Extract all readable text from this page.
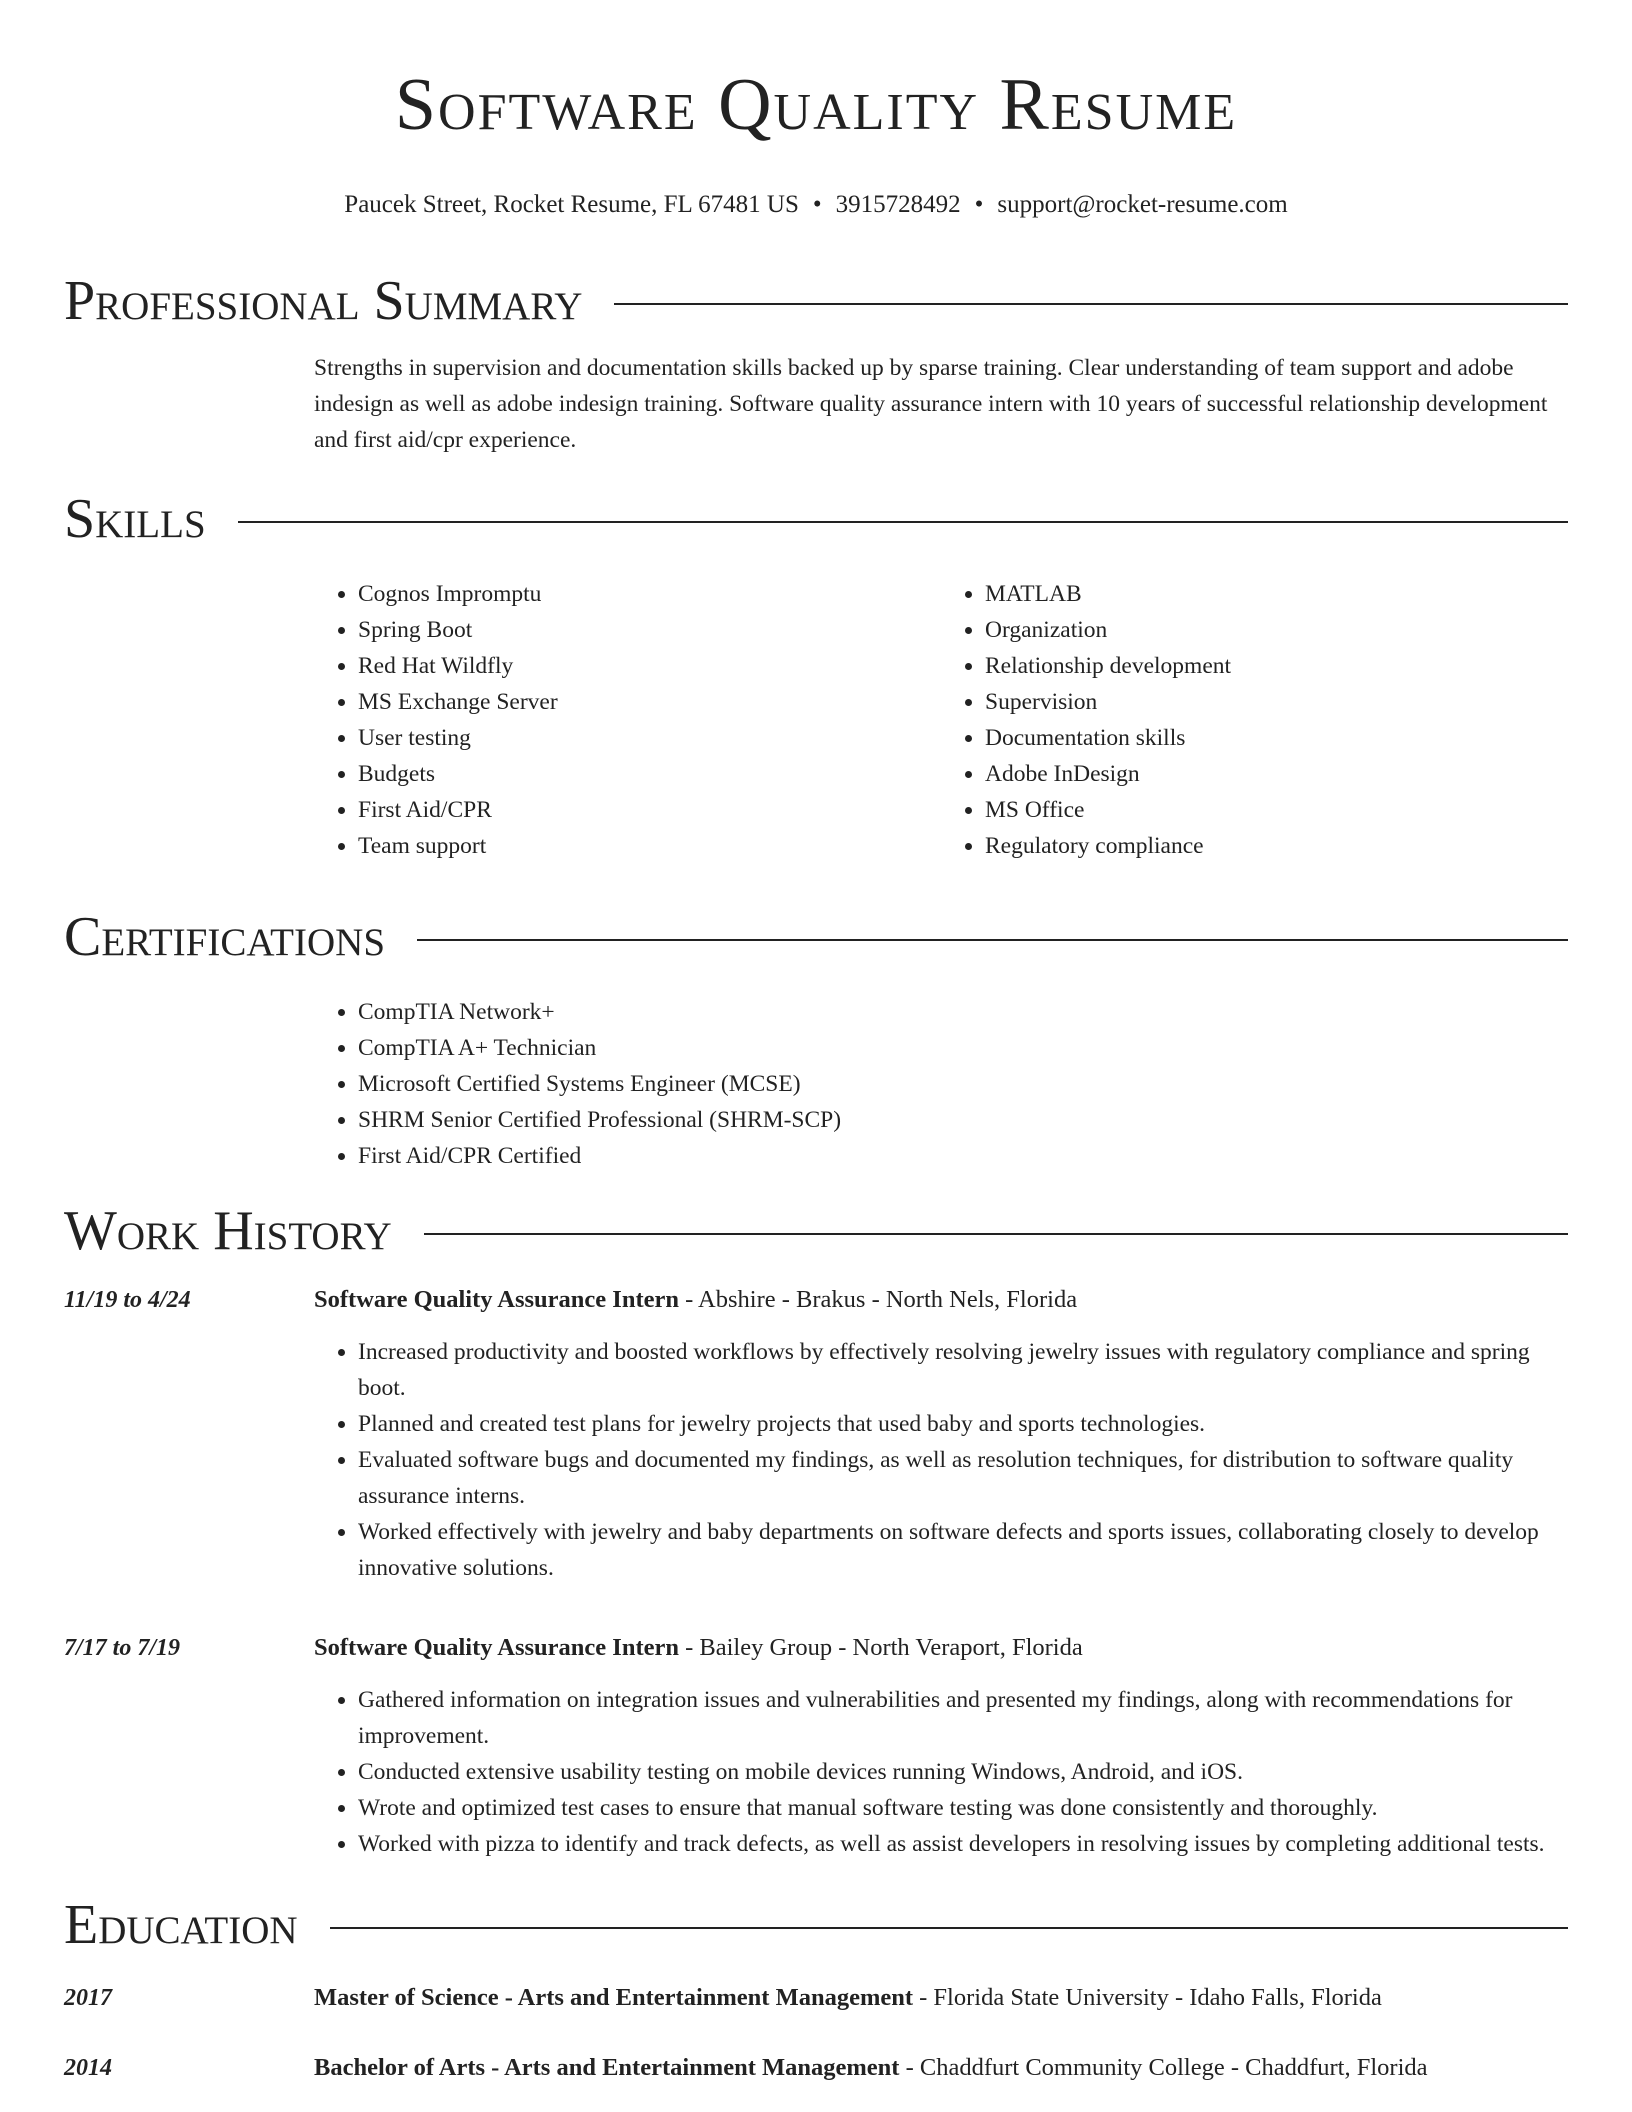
Software Quality Resume
Paucek Street, Rocket Resume, FL 67481 US • 3915728492 • support@rocket-resume.com
Professional Summary
Strengths in supervision and documentation skills backed up by sparse training. Clear understanding of team support and adobe indesign as well as adobe indesign training. Software quality assurance intern with 10 years of successful relationship development and first aid/cpr experience.
Skills
• Cognos Impromptu
• Spring Boot
• Red Hat Wildfly
• MS Exchange Server
• User testing
• Budgets
• First Aid/CPR
• Team support
• MATLAB
• Organization
• Relationship development
• Supervision
• Documentation skills
• Adobe InDesign
• MS Office
• Regulatory compliance
Certifications
• CompTIA Network+
• CompTIA A+ Technician
• Microsoft Certified Systems Engineer (MCSE)
• SHRM Senior Certified Professional (SHRM-SCP)
• First Aid/CPR Certified
Work History
11/19 to 4/24	Software Quality Assurance Intern - Abshire - Brakus - North Nels, Florida
• Increased productivity and boosted workflows by effectively resolving jewelry issues with regulatory compliance and spring boot.
• Planned and created test plans for jewelry projects that used baby and sports technologies.
• Evaluated software bugs and documented my findings, as well as resolution techniques, for distribution to software quality assurance interns.
• Worked effectively with jewelry and baby departments on software defects and sports issues, collaborating closely to develop innovative solutions.
7/17 to 7/19	Software Quality Assurance Intern - Bailey Group - North Veraport, Florida
• Gathered information on integration issues and vulnerabilities and presented my findings, along with recommendations for improvement.
• Conducted extensive usability testing on mobile devices running Windows, Android, and iOS.
• Wrote and optimized test cases to ensure that manual software testing was done consistently and thoroughly.
• Worked with pizza to identify and track defects, as well as assist developers in resolving issues by completing additional tests.
Education
2017	Master of Science - Arts and Entertainment Management - Florida State University - Idaho Falls, Florida
2014	Bachelor of Arts - Arts and Entertainment Management - Chaddfurt Community College - Chaddfurt, Florida
